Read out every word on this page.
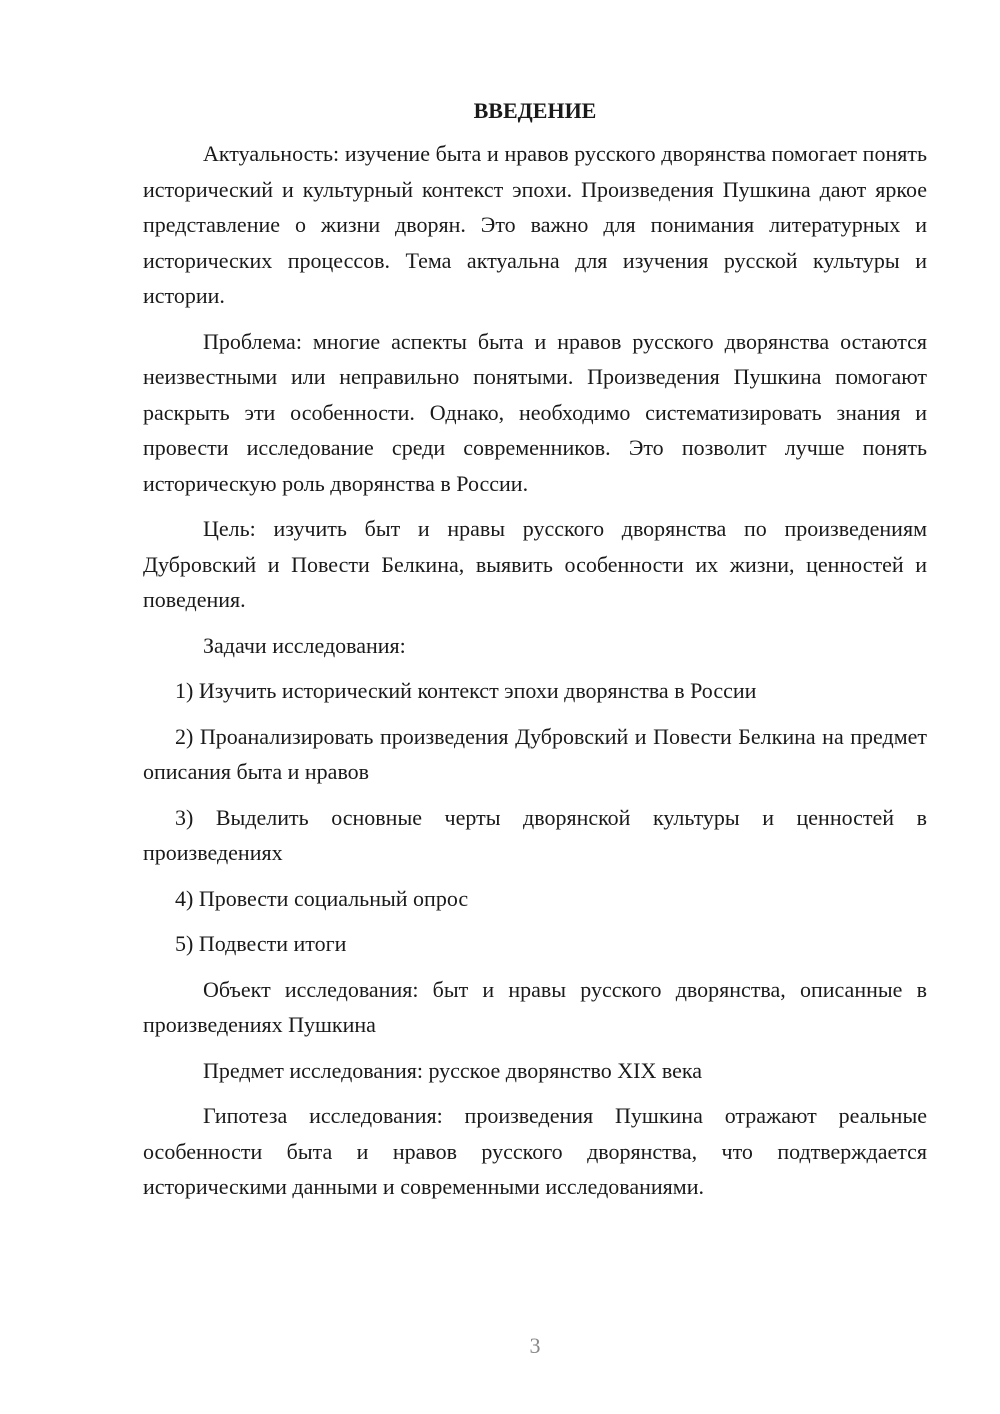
ВВЕДЕНИЕ

Актуальность: изучение быта и нравов русского дворянства помогает понять исторический и культурный контекст эпохи. Произведения Пушкина дают яркое представление о жизни дворян. Это важно для понимания литературных и исторических процессов. Тема актуальна для изучения русской культуры и истории.

Проблема: многие аспекты быта и нравов русского дворянства остаются неизвестными или неправильно понятыми. Произведения Пушкина помогают раскрыть эти особенности. Однако, необходимо систематизировать знания и провести исследование среди современников. Это позволит лучше понять историческую роль дворянства в России.

Цель: изучить быт и нравы русского дворянства по произведениям Дубровский и Повести Белкина, выявить особенности их жизни, ценностей и поведения.

Задачи исследования:

1) Изучить исторический контекст эпохи дворянства в России

2) Проанализировать произведения Дубровский и Повести Белкина на предмет описания быта и нравов

3) Выделить основные черты дворянской культуры и ценностей в произведениях

4) Провести социальный опрос

5) Подвести итоги

Объект исследования: быт и нравы русского дворянства, описанные в произведениях Пушкина

Предмет исследования: русское дворянство XIX века

Гипотеза исследования: произведения Пушкина отражают реальные особенности быта и нравов русского дворянства, что подтверждается историческими данными и современными исследованиями.

3
